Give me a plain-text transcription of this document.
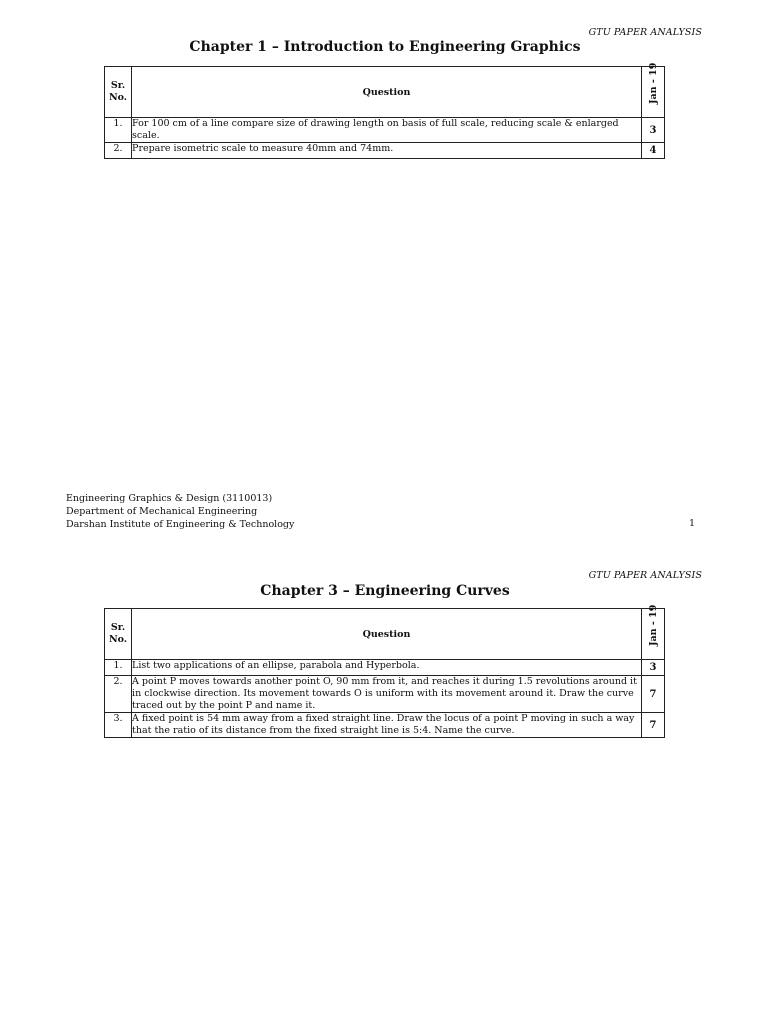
GTU PAPER ANALYSIS
Chapter 1 – Introduction to Engineering Graphics
Sr.
No.	Question	Jan - 19

1.	For 100 cm of a line compare size of drawing length on basis of full scale, reducing scale & enlarged scale.	3
2.	Prepare isometric scale to measure 40mm and 74mm.	4
Engineering Graphics & Design (3110013)
Department of Mechanical Engineering
Darshan Institute of Engineering & Technology	1
GTU PAPER ANALYSIS
Chapter 3 – Engineering Curves
Sr.
No.	Question	Jan - 19

1.	List two applications of an ellipse, parabola and Hyperbola.	3
2.	A point P moves towards another point O, 90 mm from it, and reaches it during 1.5 revolutions around it in clockwise direction. Its movement towards O is uniform with its movement around it. Draw the curve traced out by the point P and name it.	7
3.	A fixed point is 54 mm away from a fixed straight line. Draw the locus of a point P moving in such a way that the ratio of its distance from the fixed straight line is 5:4. Name the curve.	7
